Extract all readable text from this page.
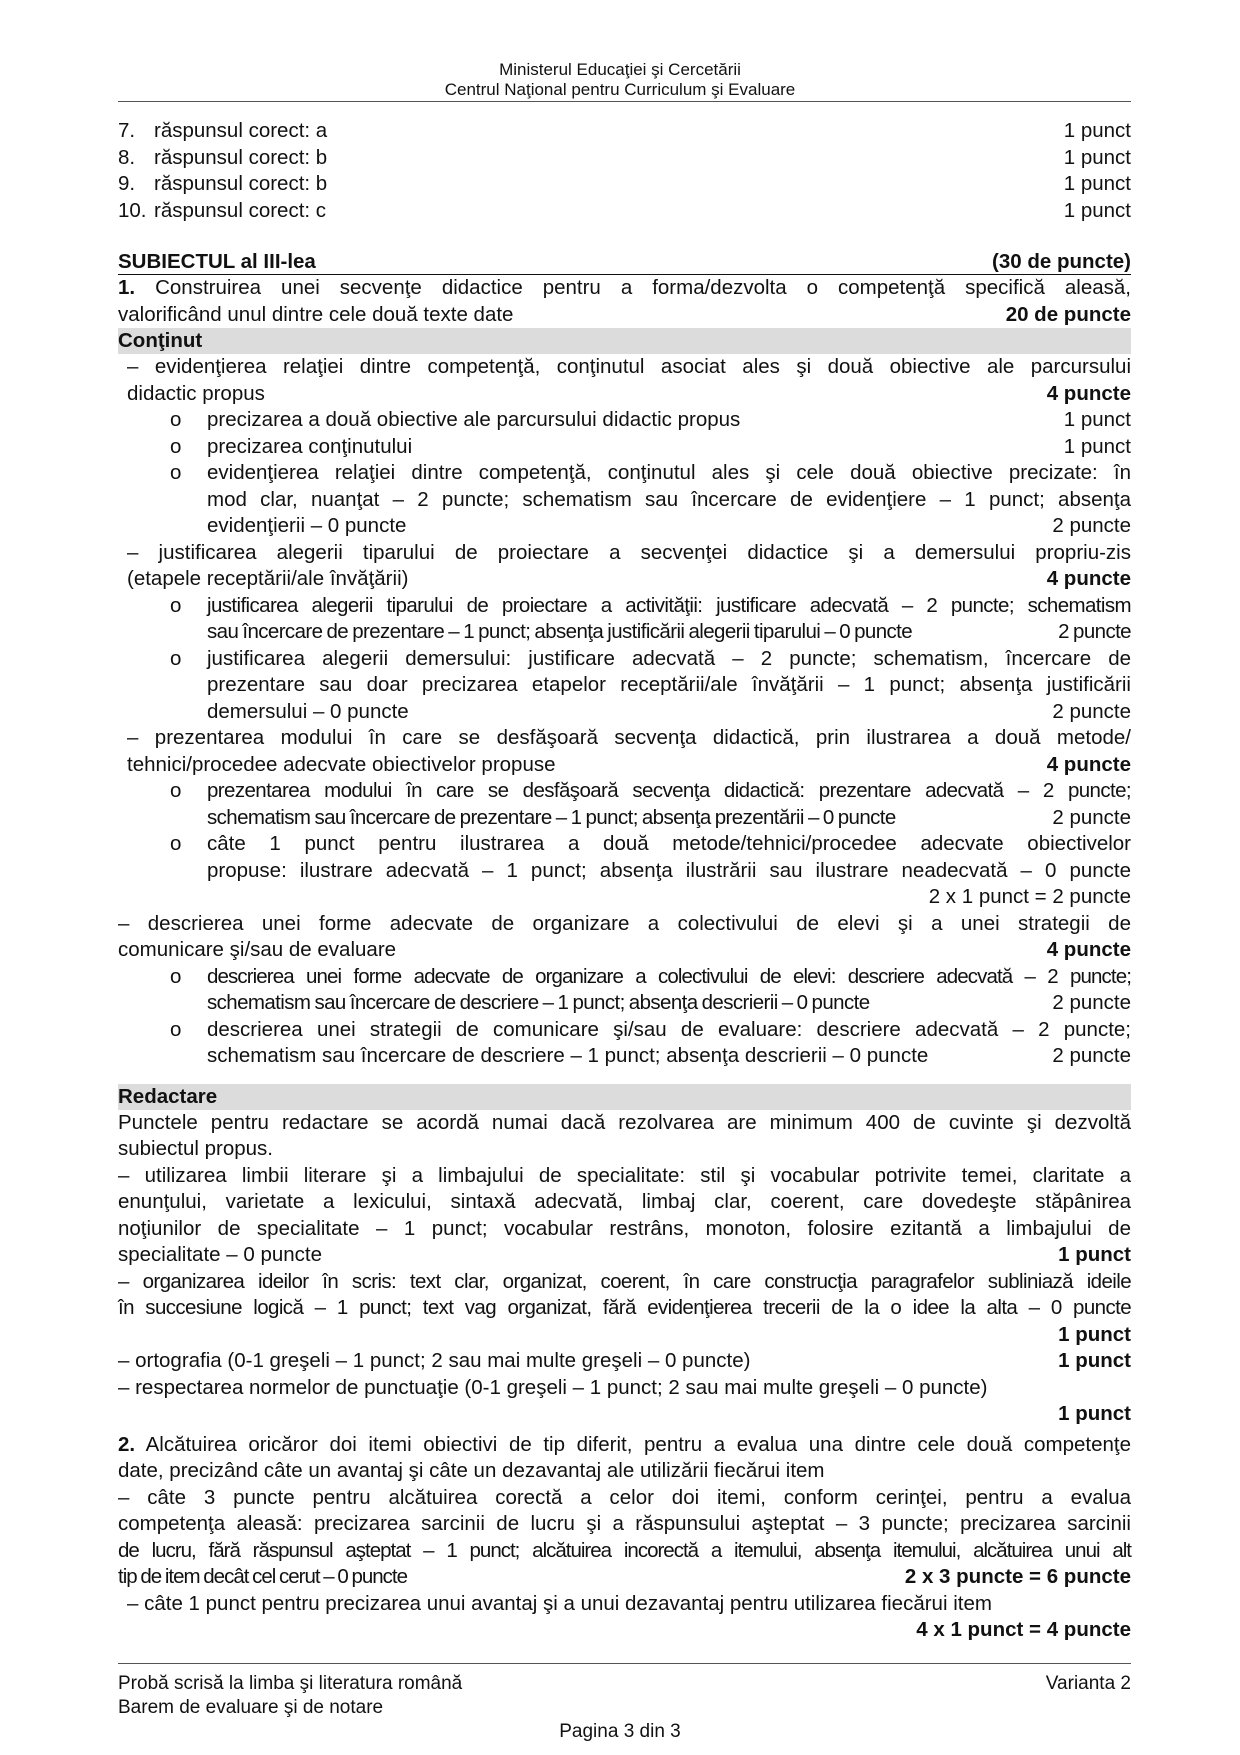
Ministerul Educaţiei şi Cercetării
Centrul Naţional pentru Curriculum şi Evaluare
7. răspunsul corect: a	1 punct
8. răspunsul corect: b	1 punct
9. răspunsul corect: b	1 punct
10. răspunsul corect: c	1 punct
SUBIECTUL al III-lea	(30 de puncte)
1. Construirea unei secvenţe didactice pentru a forma/dezvolta o competenţă specifică aleasă,
valorificând unul dintre cele două texte date	20 de puncte
Conţinut
– evidenţierea relaţiei dintre competenţă, conţinutul asociat ales şi două obiective ale parcursului
didactic propus	4 puncte
o precizarea a două obiective ale parcursului didactic propus	1 punct
o precizarea conţinutului	1 punct
o evidenţierea relaţiei dintre competenţă, conţinutul ales şi cele două obiective precizate: în
mod clar, nuanţat – 2 puncte; schematism sau încercare de evidenţiere – 1 punct; absenţa
evidenţierii – 0 puncte	2 puncte
– justificarea alegerii tiparului de proiectare a secvenţei didactice şi a demersului propriu-zis
(etapele receptării/ale învăţării)	4 puncte
o justificarea alegerii tiparului de proiectare a activităţii: justificare adecvată – 2 puncte; schematism
sau încercare de prezentare – 1 punct; absenţa justificării alegerii tiparului – 0 puncte	2 puncte
o justificarea alegerii demersului: justificare adecvată – 2 puncte; schematism, încercare de
prezentare sau doar precizarea etapelor receptării/ale învăţării – 1 punct; absenţa justificării
demersului – 0 puncte	2 puncte
– prezentarea modului în care se desfăşoară secvenţa didactică, prin ilustrarea a două metode/
tehnici/procedee adecvate obiectivelor propuse	4 puncte
o prezentarea modului în care se desfăşoară secvenţa didactică: prezentare adecvată – 2 puncte;
schematism sau încercare de prezentare – 1 punct; absenţa prezentării – 0 puncte	2 puncte
o câte 1 punct pentru ilustrarea a două metode/tehnici/procedee adecvate obiectivelor
propuse: ilustrare adecvată – 1 punct; absenţa ilustrării sau ilustrare neadecvată – 0 puncte
2 x 1 punct = 2 puncte
– descrierea unei forme adecvate de organizare a colectivului de elevi şi a unei strategii de
comunicare şi/sau de evaluare	4 puncte
o descrierea unei forme adecvate de organizare a colectivului de elevi: descriere adecvată – 2 puncte;
schematism sau încercare de descriere – 1 punct; absenţa descrierii – 0 puncte	2 puncte
o descrierea unei strategii de comunicare şi/sau de evaluare: descriere adecvată – 2 puncte;
schematism sau încercare de descriere – 1 punct; absenţa descrierii – 0 puncte	2 puncte
Redactare
Punctele pentru redactare se acordă numai dacă rezolvarea are minimum 400 de cuvinte şi dezvoltă
subiectul propus.
– utilizarea limbii literare şi a limbajului de specialitate: stil şi vocabular potrivite temei, claritate a
enunţului, varietate a lexicului, sintaxă adecvată, limbaj clar, coerent, care dovedeşte stăpânirea
noţiunilor de specialitate – 1 punct; vocabular restrâns, monoton, folosire ezitantă a limbajului de
specialitate – 0 puncte	1 punct
– organizarea ideilor în scris: text clar, organizat, coerent, în care construcţia paragrafelor subliniază ideile
în succesiune logică – 1 punct; text vag organizat, fără evidenţierea trecerii de la o idee la alta – 0 puncte
1 punct
– ortografia (0-1 greşeli – 1 punct; 2 sau mai multe greşeli – 0 puncte)	1 punct
– respectarea normelor de punctuaţie (0-1 greşeli – 1 punct; 2 sau mai multe greşeli – 0 puncte)
1 punct
2. Alcătuirea oricăror doi itemi obiectivi de tip diferit, pentru a evalua una dintre cele două competenţe
date, precizând câte un avantaj şi câte un dezavantaj ale utilizării fiecărui item
– câte 3 puncte pentru alcătuirea corectă a celor doi itemi, conform cerinţei, pentru a evalua
competenţa aleasă: precizarea sarcinii de lucru şi a răspunsului aşteptat – 3 puncte; precizarea sarcinii
de lucru, fără răspunsul aşteptat – 1 punct; alcătuirea incorectă a itemului, absenţa itemului, alcătuirea unui alt
tip de item decât cel cerut – 0 puncte	2 x 3 puncte = 6 puncte
– câte 1 punct pentru precizarea unui avantaj şi a unui dezavantaj pentru utilizarea fiecărui item
4 x 1 punct = 4 puncte
Probă scrisă la limba şi literatura română	Varianta 2
Barem de evaluare şi de notare
Pagina 3 din 3
